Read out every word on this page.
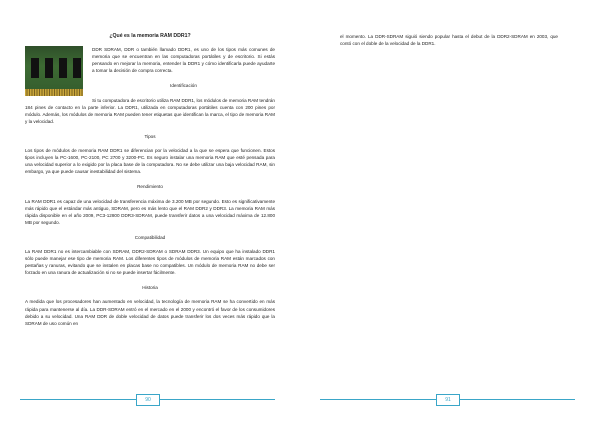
¿Qué es la memoria RAM DDR1?
DDR SDRAM, DDR o también llamado DDR1, es uno de los tipos más comunes de memoria que se encuentran en las computadoras portátiles y de escritorio. Si estás pensando en mejorar la memoria, entender la DDR1 y cómo identificarla puede ayudarte a tomar la decisión de compra correcta.
Identificación
Si tu computadora de escritorio utiliza RAM DDR1, los módulos de memoria RAM tendrán 184 pines de contacto en la parte inferior. La DDR1, utilizada en computadoras portátiles cuenta con 200 pines por módulo. Además, los módulos de memoria RAM pueden tener etiquetas que identifican la marca, el tipo de memoria RAM y la velocidad.
Tipos
Los tipos de módulos de memoria RAM DDR1 se diferencian por la velocidad a la que se espera que funcionen. Estos tipos incluyen la PC-1600, PC-2100, PC 2700 y 3200-PC. Es seguro instalar una memoria RAM que esté pensada para una velocidad superior a lo exigido por la placa base de la computadora. No se debe utilizar una baja velocidad RAM, sin embargo, ya que puede causar inestabilidad del sistema.
Rendimiento
La RAM DDR1 es capaz de una velocidad de transferencia máxima de 3.200 MB por segundo. Esto es significativamente más rápido que el estándar más antiguo, SDRAM, pero es más lento que el RAM DDR2 y DDR3. La memoria RAM más rápida disponible en el año 2009, PC3-12800 DDR3-SDRAM, puede transferir datos a una velocidad máxima de 12.800 MB por segundo.
Compatibilidad
La RAM DDR1 no es intercambiable con SDRAM, DDR2-SDRAM o SDRAM DDR3. Un equipo que ha instalado DDR1 sólo puede manejar ese tipo de memoria RAM. Los diferentes tipos de módulos de memoria RAM están marcados con pestañas y ranuras, evitando que se instalen en placas base no compatibles. Un módulo de memoria RAM no debe ser forzado en una ranura de actualización si no se puede insertar fácilmente.
Historia
A medida que los procesadores han aumentado en velocidad, la tecnología de memoria RAM se ha convertido en más rápida para mantenerse al día. La DDR-SDRAM entró en el mercado en el 2000 y encontró el favor de los consumidores debido a su velocidad. Una RAM DDR de doble velocidad de datos puede transferir los dos veces más rápido que la SDRAM de uso común en
90
el momento. La DDR-SDRAM siguió siendo popular hasta el debut de la DDR2-SDRAM en 2003, que contó con el doble de la velocidad de la DDR1.
91
